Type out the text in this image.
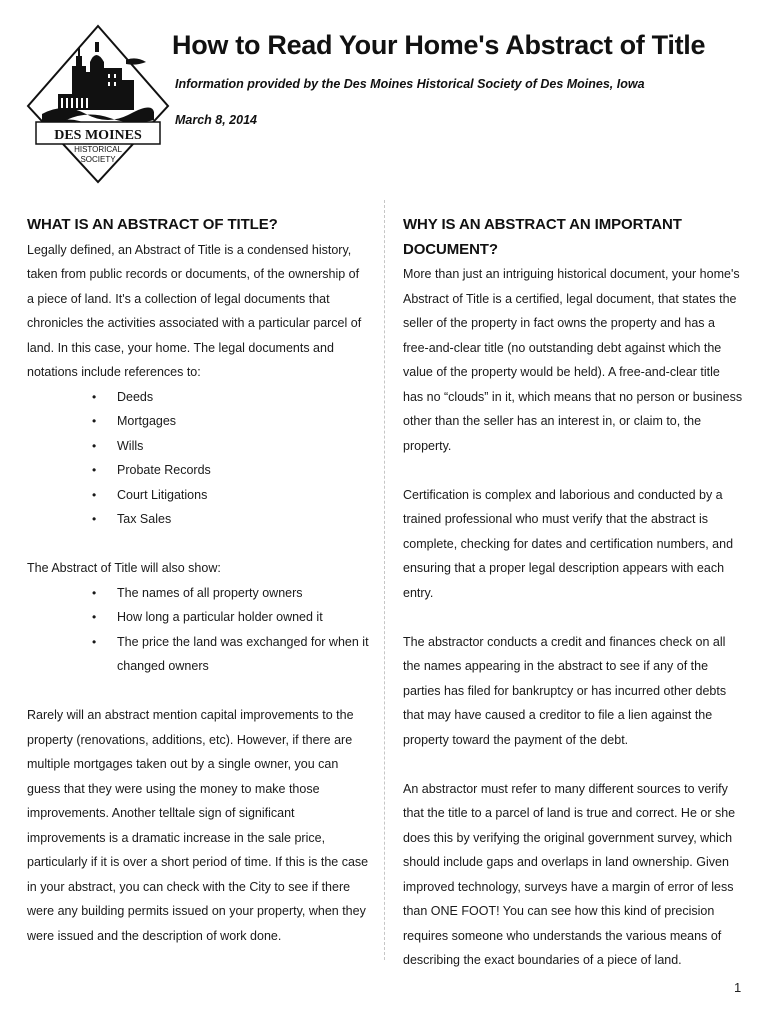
DES MOINES
HISTORICAL
SOCIETY
How to Read Your Home's Abstract of Title

Information provided by the Des Moines Historical Society of Des Moines, Iowa

March 8, 2014

WHAT IS AN ABSTRACT OF TITLE?

Legally defined, an Abstract of Title is a condensed history, taken from public records or documents, of the ownership of a piece of land. It's a collection of legal documents that chronicles the activities associated with a particular parcel of land. In this case, your home. The legal documents and notations include references to:

• Deeds
• Mortgages
• Wills
• Probate Records
• Court Litigations
• Tax Sales

The Abstract of Title will also show:

• The names of all property owners
• How long a particular holder owned it
• The price the land was exchanged for when it changed owners

Rarely will an abstract mention capital improvements to the property (renovations, additions, etc). However, if there are multiple mortgages taken out by a single owner, you can guess that they were using the money to make those improvements. Another telltale sign of significant improvements is a dramatic increase in the sale price, particularly if it is over a short period of time. If this is the case in your abstract, you can check with the City to see if there were any building permits issued on your property, when they were issued and the description of work done.

WHY IS AN ABSTRACT AN IMPORTANT DOCUMENT?

More than just an intriguing historical document, your home's Abstract of Title is a certified, legal document, that states the seller of the property in fact owns the property and has a free-and-clear title (no outstanding debt against which the value of the property would be held). A free-and-clear title has no “clouds” in it, which means that no person or business other than the seller has an interest in, or claim to, the property.

Certification is complex and laborious and conducted by a trained professional who must verify that the abstract is complete, checking for dates and certification numbers, and ensuring that a proper legal description appears with each entry.

The abstractor conducts a credit and finances check on all the names appearing in the abstract to see if any of the parties has filed for bankruptcy or has incurred other debts that may have caused a creditor to file a lien against the property toward the payment of the debt.

An abstractor must refer to many different sources to verify that the title to a parcel of land is true and correct. He or she does this by verifying the original government survey, which should include gaps and overlaps in land ownership. Given improved technology, surveys have a margin of error of less than ONE FOOT! You can see how this kind of precision requires someone who understands the various means of describing the exact boundaries of a piece of land.

1
